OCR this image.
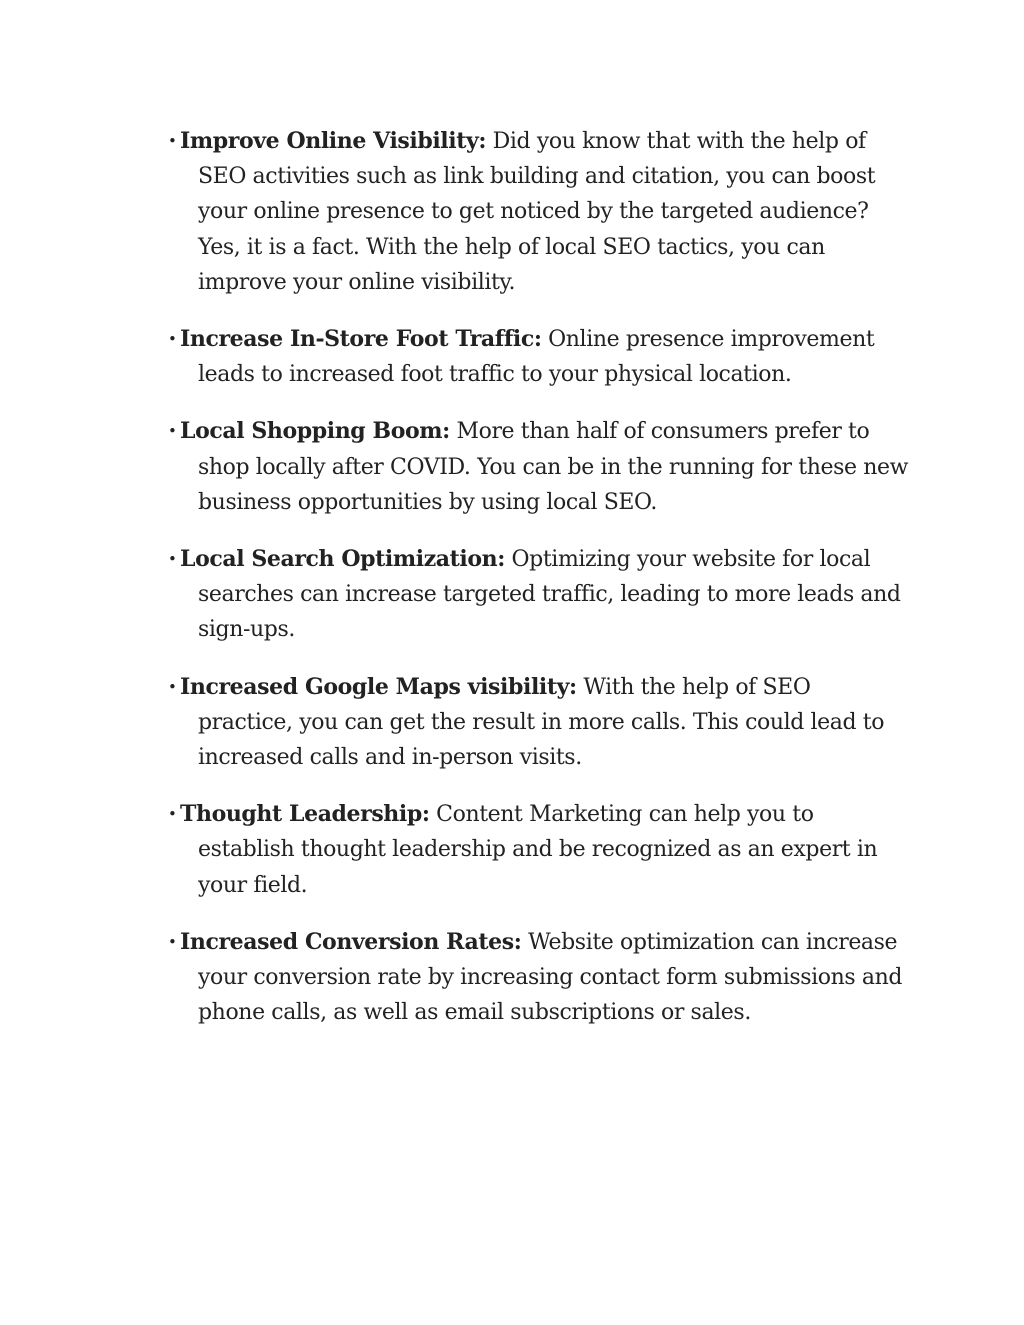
• Improve Online Visibility: Did you know that with the help of SEO activities such as link building and citation, you can boost your online presence to get noticed by the targeted audience? Yes, it is a fact. With the help of local SEO tactics, you can improve your online visibility.
• Increase In-Store Foot Traffic: Online presence improvement leads to increased foot traffic to your physical location.
• Local Shopping Boom: More than half of consumers prefer to shop locally after COVID. You can be in the running for these new business opportunities by using local SEO.
• Local Search Optimization: Optimizing your website for local searches can increase targeted traffic, leading to more leads and sign-ups.
• Increased Google Maps visibility: With the help of SEO practice, you can get the result in more calls. This could lead to increased calls and in-person visits.
• Thought Leadership: Content Marketing can help you to establish thought leadership and be recognized as an expert in your field.
• Increased Conversion Rates: Website optimization can increase your conversion rate by increasing contact form submissions and phone calls, as well as email subscriptions or sales.
